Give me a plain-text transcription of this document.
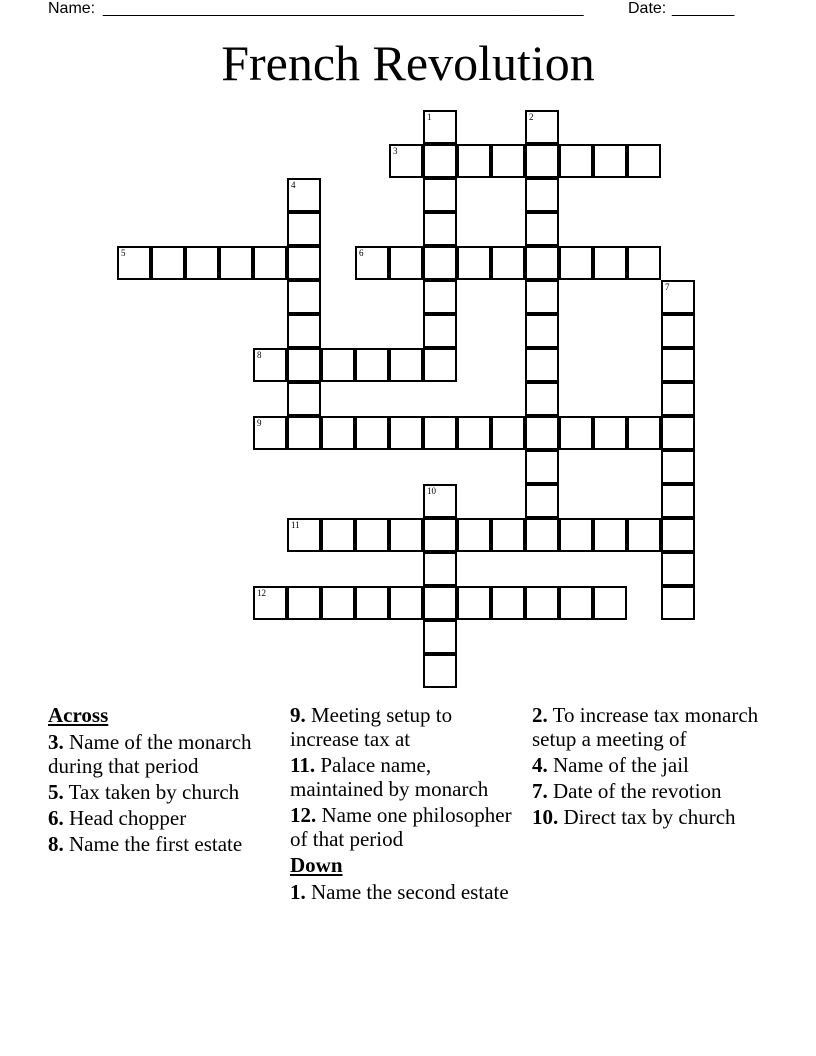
Name: ______________________________________________________	Date: _______
French Revolution
3
5	6
8
9
11
12
1	2
4
7
10
Across
3. Name of the monarch during that period
5. Tax taken by church
6. Head chopper
8. Name the first estate
9. Meeting setup to increase tax at
11. Palace name, maintained by monarch
12. Name one philosopher of that period
Down
1. Name the second estate
2. To increase tax monarch setup a meeting of
4. Name of the jail
7. Date of the revotion
10. Direct tax by church
